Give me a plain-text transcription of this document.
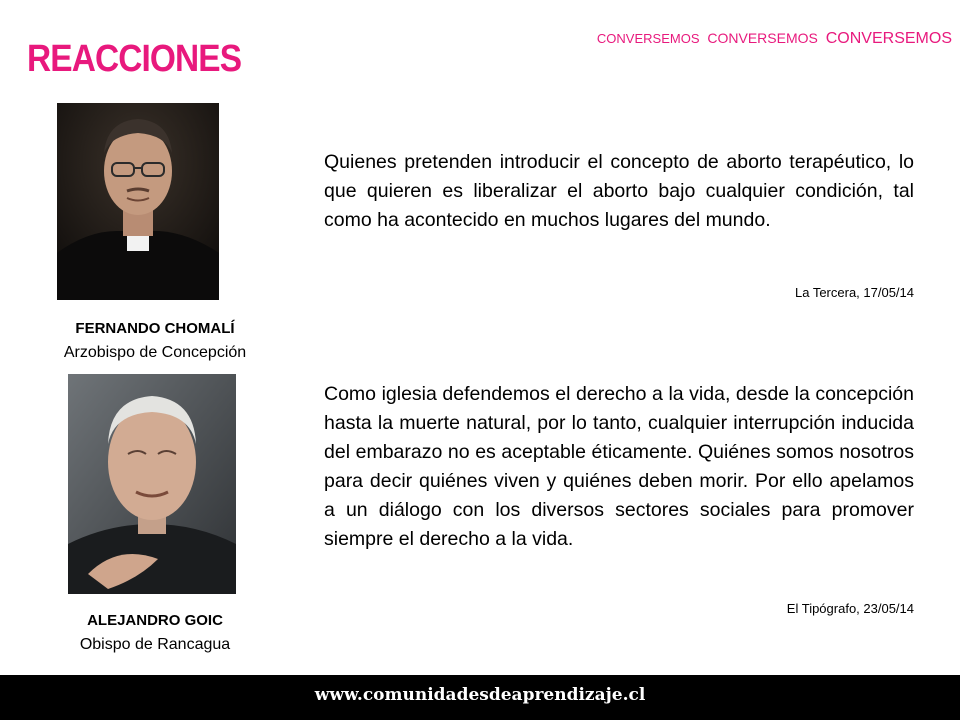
REACCIONES	CONVERSEMOS CONVERSEMOS CONVERSEMOS
FERNANDO CHOMALÍ
Arzobispo de Concepción
Quienes pretenden introducir el concepto de aborto terapéutico, lo que quieren es liberalizar el aborto bajo cualquier condición, tal como ha acontecido en muchos lugares del mundo.
La Tercera, 17/05/14
ALEJANDRO GOIC
Obispo de Rancagua
Como iglesia defendemos el derecho a la vida, desde la concepción hasta la muerte natural, por lo tanto, cualquier interrupción inducida del embarazo no es aceptable éticamente. Quiénes somos nosotros para decir quiénes viven y quiénes deben morir. Por ello apelamos a un diálogo con los diversos sectores sociales para promover siempre el derecho a la vida.
El Tipógrafo, 23/05/14
www.comunidadesdeaprendizaje.cl
